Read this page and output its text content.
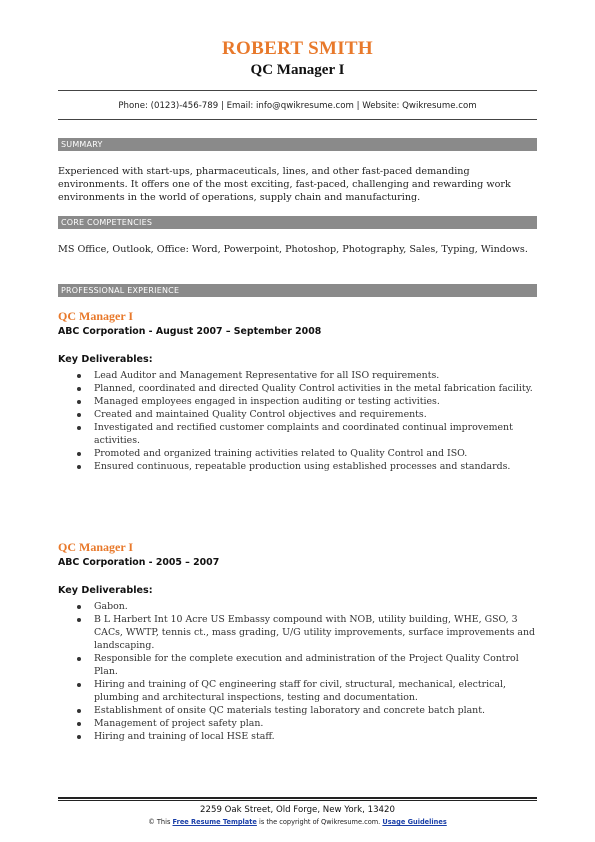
ROBERT SMITH
QC Manager I
Phone: (0123)-456-789 | Email: info@qwikresume.com | Website: Qwikresume.com
SUMMARY
Experienced with start-ups, pharmaceuticals, lines, and other fast-paced demanding environments. It offers one of the most exciting, fast-paced, challenging and rewarding work environments in the world of operations, supply chain and manufacturing.
CORE COMPETENCIES
MS Office, Outlook, Office: Word, Powerpoint, Photoshop, Photography, Sales, Typing, Windows.
PROFESSIONAL EXPERIENCE
QC Manager I
ABC Corporation - August 2007 – September 2008
Key Deliverables:
Lead Auditor and Management Representative for all ISO requirements.
Planned, coordinated and directed Quality Control activities in the metal fabrication facility.
Managed employees engaged in inspection auditing or testing activities.
Created and maintained Quality Control objectives and requirements.
Investigated and rectified customer complaints and coordinated continual improvement activities.
Promoted and organized training activities related to Quality Control and ISO.
Ensured continuous, repeatable production using established processes and standards.
QC Manager I
ABC Corporation - 2005 – 2007
Key Deliverables:
Gabon.
B L Harbert Int 10 Acre US Embassy compound with NOB, utility building, WHE, GSO, 3 CACs, WWTP, tennis ct., mass grading, U/G utility improvements, surface improvements and landscaping.
Responsible for the complete execution and administration of the Project Quality Control Plan.
Hiring and training of QC engineering staff for civil, structural, mechanical, electrical, plumbing and architectural inspections, testing and documentation.
Establishment of onsite QC materials testing laboratory and concrete batch plant.
Management of project safety plan.
Hiring and training of local HSE staff.
2259 Oak Street, Old Forge, New York, 13420
© This Free Resume Template is the copyright of Qwikresume.com. Usage Guidelines
